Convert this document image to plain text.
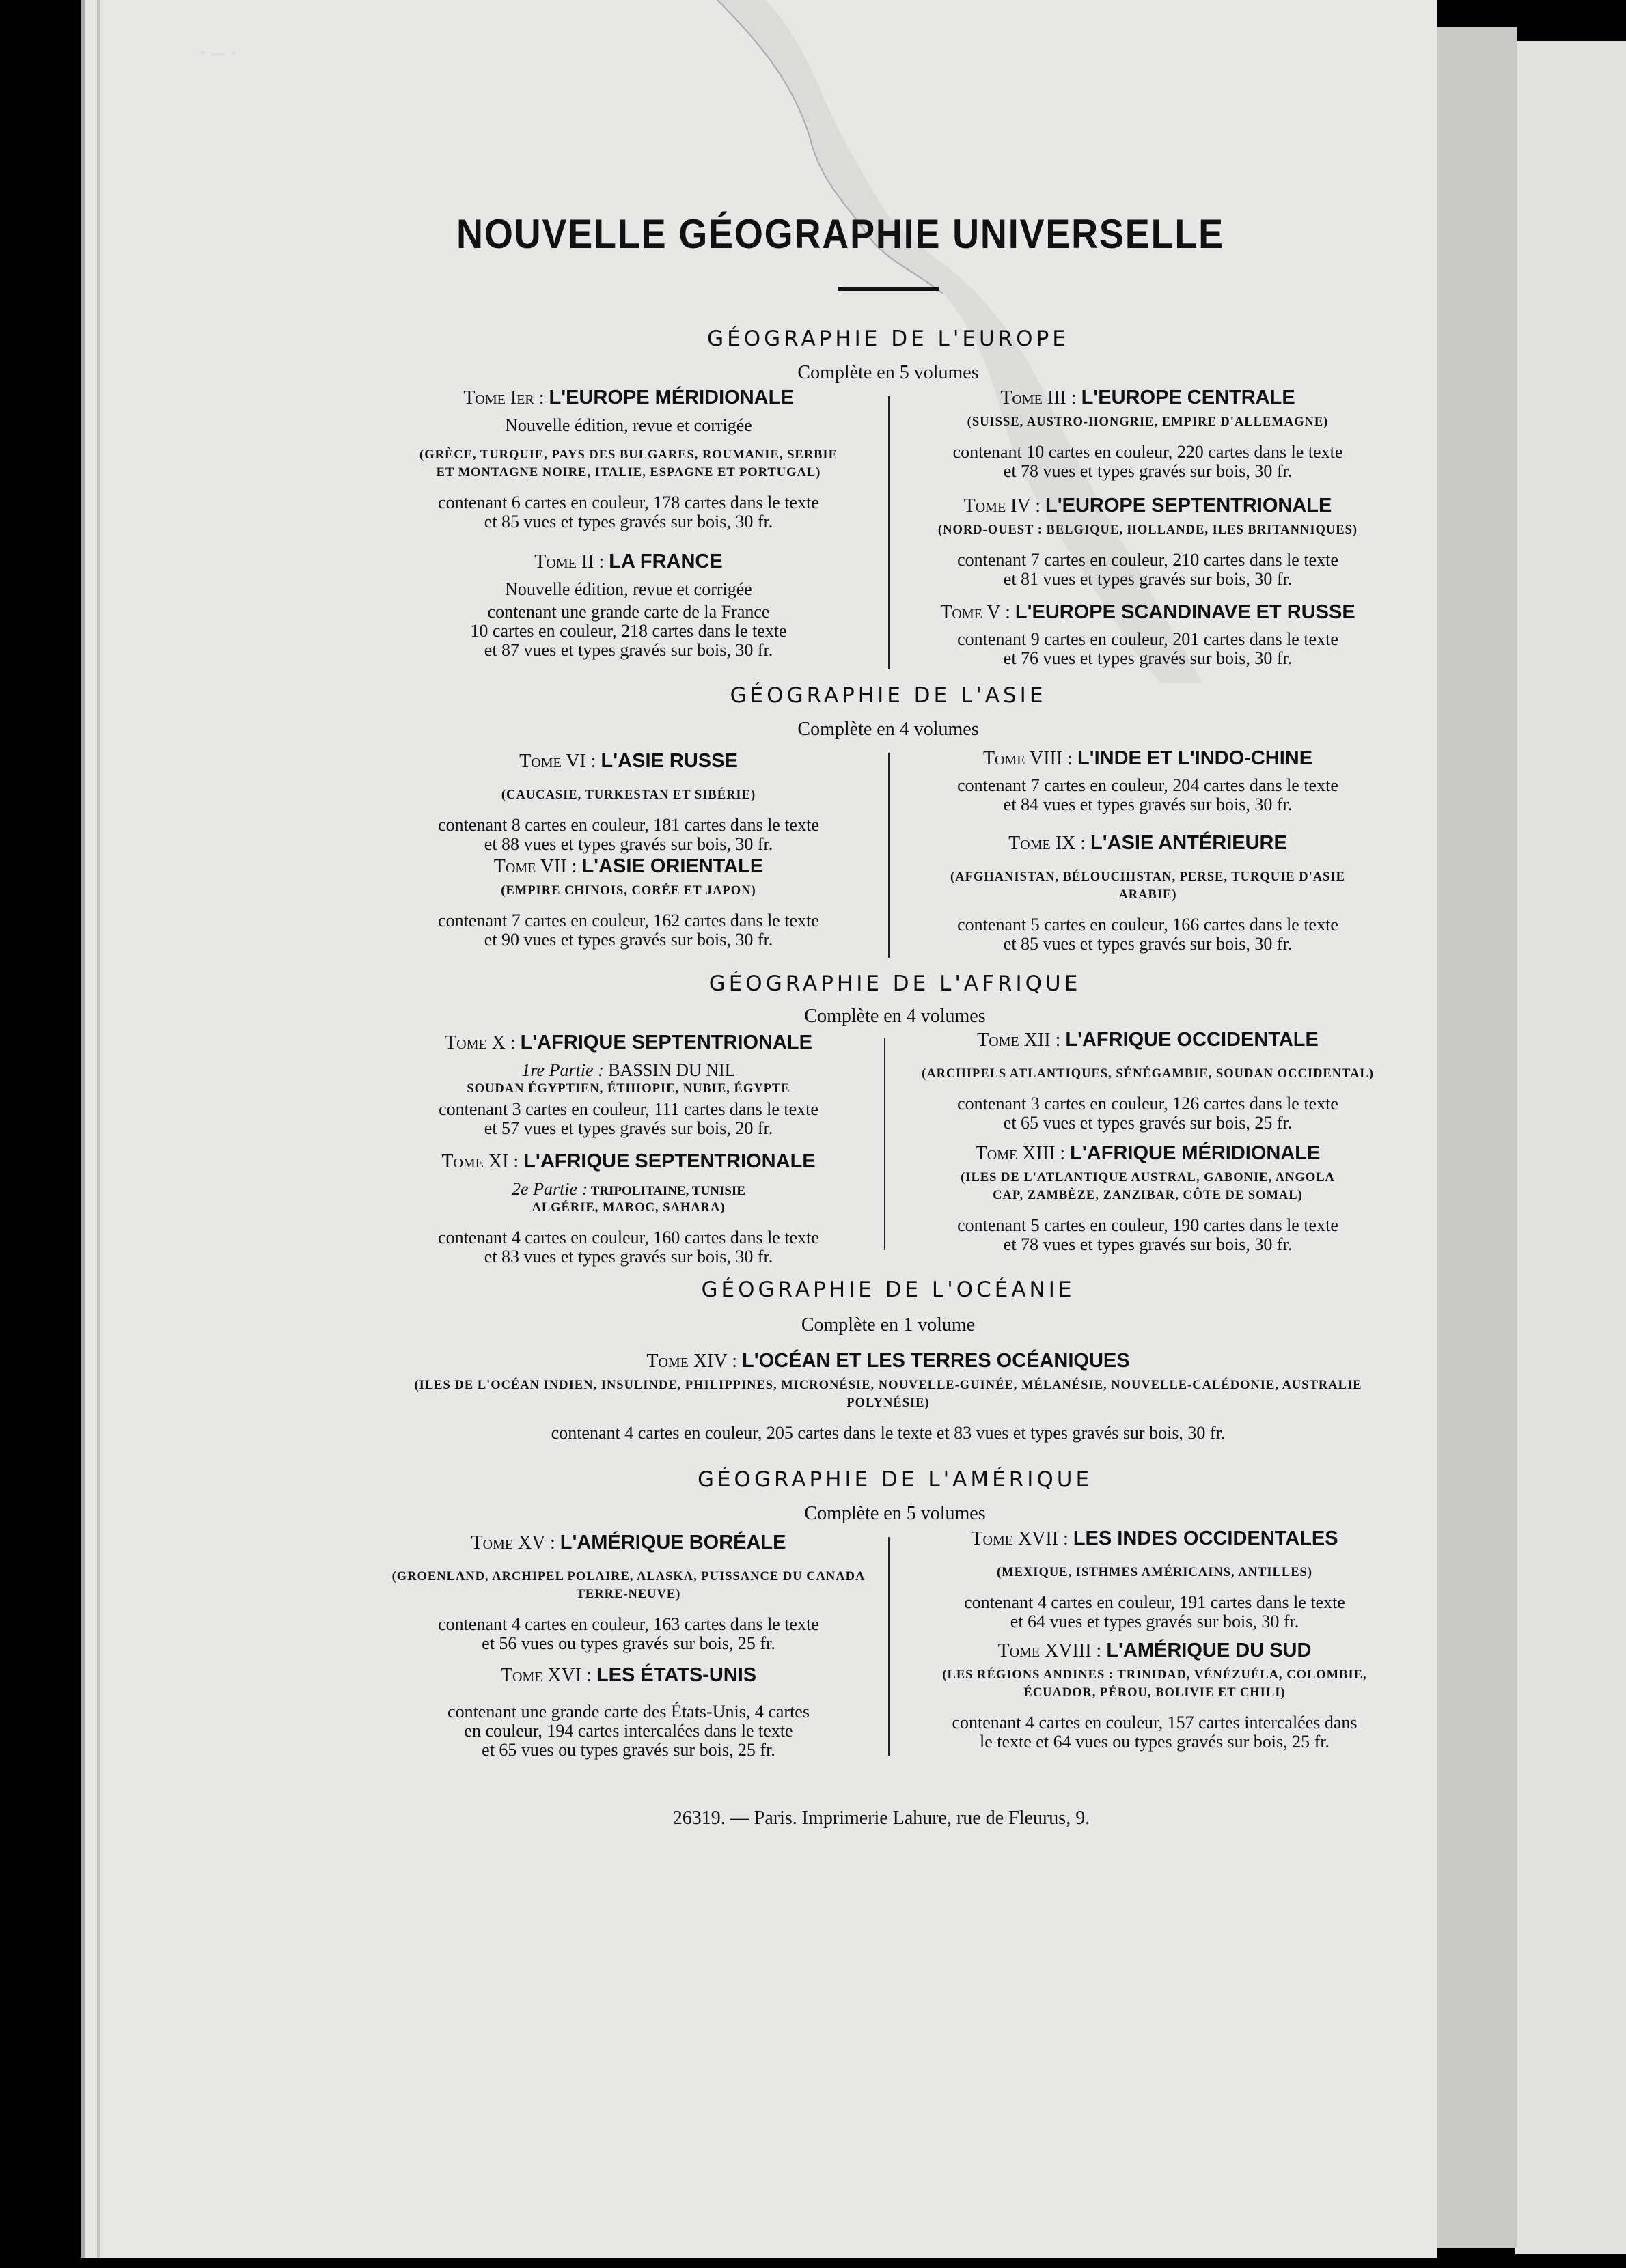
·‒·
NOUVELLE GÉOGRAPHIE UNIVERSELLE
GÉOGRAPHIE DE L'EUROPE
Complète en 5 volumes
GÉOGRAPHIE DE L'ASIE
Complète en 4 volumes
GÉOGRAPHIE DE L'AFRIQUE
Complète en 4 volumes
GÉOGRAPHIE DE L'OCÉANIE
Complète en 1 volume
GÉOGRAPHIE DE L'AMÉRIQUE
Complète en 5 volumes
Tome Ier : L'EUROPE MÉRIDIONALE
Nouvelle édition, revue et corrigée
(GRÈCE, TURQUIE, PAYS DES BULGARES, ROUMANIE, SERBIE
ET MONTAGNE NOIRE, ITALIE, ESPAGNE ET PORTUGAL)
contenant 6 cartes en couleur, 178 cartes dans le texte
et 85 vues et types gravés sur bois, 30 fr.
Tome II : LA FRANCE
Nouvelle édition, revue et corrigée
contenant une grande carte de la France
10 cartes en couleur, 218 cartes dans le texte
et 87 vues et types gravés sur bois, 30 fr.
Tome III : L'EUROPE CENTRALE
(SUISSE, AUSTRO-HONGRIE, EMPIRE D'ALLEMAGNE)
contenant 10 cartes en couleur, 220 cartes dans le texte
et 78 vues et types gravés sur bois, 30 fr.
Tome IV : L'EUROPE SEPTENTRIONALE
(NORD-OUEST : BELGIQUE, HOLLANDE, ILES BRITANNIQUES)
contenant 7 cartes en couleur, 210 cartes dans le texte
et 81 vues et types gravés sur bois, 30 fr.
Tome V : L'EUROPE SCANDINAVE ET RUSSE
contenant 9 cartes en couleur, 201 cartes dans le texte
et 76 vues et types gravés sur bois, 30 fr.
Tome VI : L'ASIE RUSSE
(CAUCASIE, TURKESTAN ET SIBÉRIE)
contenant 8 cartes en couleur, 181 cartes dans le texte
et 88 vues et types gravés sur bois, 30 fr.
Tome VII : L'ASIE ORIENTALE
(EMPIRE CHINOIS, CORÉE ET JAPON)
contenant 7 cartes en couleur, 162 cartes dans le texte
et 90 vues et types gravés sur bois, 30 fr.
Tome VIII : L'INDE ET L'INDO-CHINE
contenant 7 cartes en couleur, 204 cartes dans le texte
et 84 vues et types gravés sur bois, 30 fr.
Tome IX : L'ASIE ANTÉRIEURE
(AFGHANISTAN, BÉLOUCHISTAN, PERSE, TURQUIE D'ASIE
ARABIE)
contenant 5 cartes en couleur, 166 cartes dans le texte
et 85 vues et types gravés sur bois, 30 fr.
Tome X : L'AFRIQUE SEPTENTRIONALE
1re Partie : BASSIN DU NIL
SOUDAN ÉGYPTIEN, ÉTHIOPIE, NUBIE, ÉGYPTE
contenant 3 cartes en couleur, 111 cartes dans le texte
et 57 vues et types gravés sur bois, 20 fr.
Tome XI : L'AFRIQUE SEPTENTRIONALE
2e Partie : TRIPOLITAINE, TUNISIE
ALGÉRIE, MAROC, SAHARA)
contenant 4 cartes en couleur, 160 cartes dans le texte
et 83 vues et types gravés sur bois, 30 fr.
Tome XII : L'AFRIQUE OCCIDENTALE
(ARCHIPELS ATLANTIQUES, SÉNÉGAMBIE, SOUDAN OCCIDENTAL)
contenant 3 cartes en couleur, 126 cartes dans le texte
et 65 vues et types gravés sur bois, 25 fr.
Tome XIII : L'AFRIQUE MÉRIDIONALE
(ILES DE L'ATLANTIQUE AUSTRAL, GABONIE, ANGOLA
CAP, ZAMBÈZE, ZANZIBAR, CÔTE DE SOMAL)
contenant 5 cartes en couleur, 190 cartes dans le texte
et 78 vues et types gravés sur bois, 30 fr.
Tome XIV : L'OCÉAN ET LES TERRES OCÉANIQUES
(ILES DE L'OCÉAN INDIEN, INSULINDE, PHILIPPINES, MICRONÉSIE, NOUVELLE-GUINÉE, MÉLANÉSIE, NOUVELLE-CALÉDONIE, AUSTRALIE
POLYNÉSIE)
contenant 4 cartes en couleur, 205 cartes dans le texte et 83 vues et types gravés sur bois, 30 fr.
Tome XV : L'AMÉRIQUE BORÉALE
(GROENLAND, ARCHIPEL POLAIRE, ALASKA, PUISSANCE DU CANADA
TERRE-NEUVE)
contenant 4 cartes en couleur, 163 cartes dans le texte
et 56 vues ou types gravés sur bois, 25 fr.
Tome XVI : LES ÉTATS-UNIS
contenant une grande carte des États-Unis, 4 cartes
en couleur, 194 cartes intercalées dans le texte
et 65 vues ou types gravés sur bois, 25 fr.
Tome XVII : LES INDES OCCIDENTALES
(MEXIQUE, ISTHMES AMÉRICAINS, ANTILLES)
contenant 4 cartes en couleur, 191 cartes dans le texte
et 64 vues et types gravés sur bois, 30 fr.
Tome XVIII : L'AMÉRIQUE DU SUD
(LES RÉGIONS ANDINES : TRINIDAD, VÉNÉZUÉLA, COLOMBIE,
ÉCUADOR, PÉROU, BOLIVIE ET CHILI)
contenant 4 cartes en couleur, 157 cartes intercalées dans
le texte et 64 vues ou types gravés sur bois, 25 fr.
26319. — Paris. Imprimerie Lahure, rue de Fleurus, 9.
